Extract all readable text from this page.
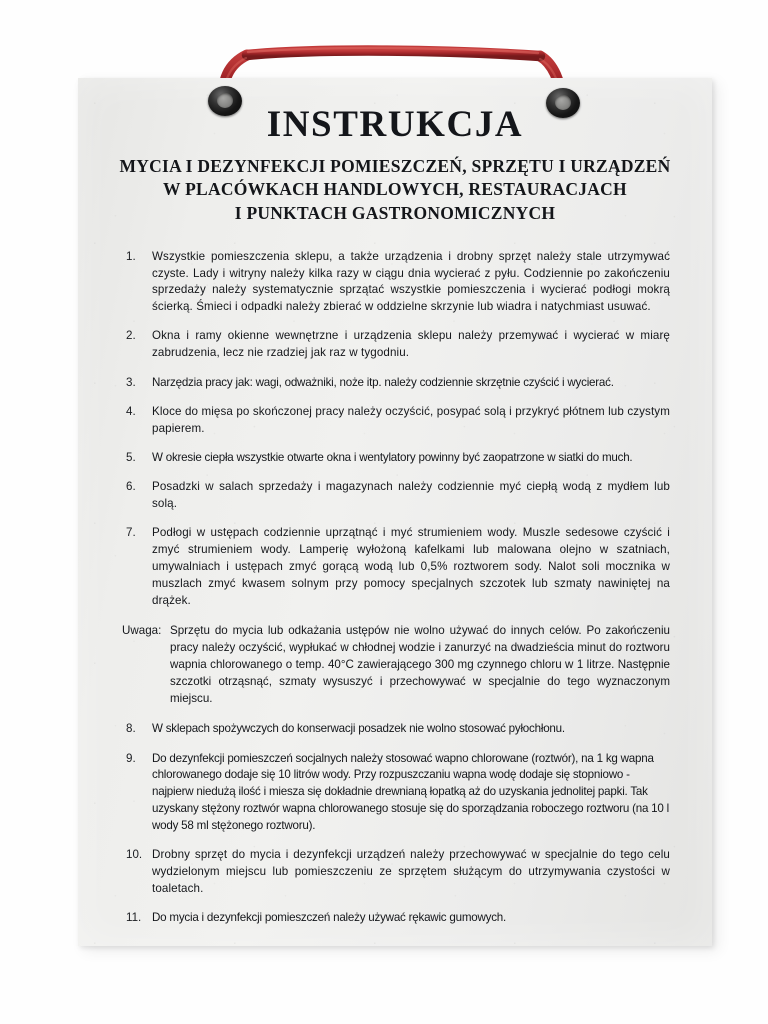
INSTRUKCJA
MYCIA I DEZYNFEKCJI POMIESZCZEŃ, SPRZĘTU I URZĄDZEŃ
W PLACÓWKACH HANDLOWYCH, RESTAURACJACH
I PUNKTACH GASTRONOMICZNYCH
1.	Wszystkie pomieszczenia sklepu, a także urządzenia i drobny sprzęt należy stale utrzymywać czyste. Lady i witryny należy kilka razy w ciągu dnia wycierać z pyłu. Codziennie po zakończeniu sprzedaży należy systematycznie sprzątać wszystkie pomieszczenia i wycierać podłogi mokrą ścierką. Śmieci i odpadki należy zbierać w oddzielne skrzynie lub wiadra i natychmiast usuwać.
2.	Okna i ramy okienne wewnętrzne i urządzenia sklepu należy przemywać i wycierać w miarę zabrudzenia, lecz nie rzadziej jak raz w tygodniu.
3.	Narzędzia pracy jak: wagi, odważniki, noże itp. należy codziennie skrzętnie czyścić i wycierać.
4.	Kloce do mięsa po skończonej pracy należy oczyścić, posypać solą i przykryć płótnem lub czystym papierem.
5.	W okresie ciepła wszystkie otwarte okna i wentylatory powinny być zaopatrzone w siatki do much.
6.	Posadzki w salach sprzedaży i magazynach należy codziennie myć ciepłą wodą z mydłem lub solą.
7.	Podłogi w ustępach codziennie uprzątnąć i myć strumieniem wody. Muszle sedesowe czyścić i zmyć strumieniem wody. Lamperię wyłożoną kafelkami lub malowana olejno w szatniach, umywalniach i ustępach zmyć gorącą wodą lub 0,5% roztworem sody. Nalot soli mocznika w muszlach zmyć kwasem solnym przy pomocy specjalnych szczotek lub szmaty nawiniętej na drążek.
Uwaga: Sprzętu do mycia lub odkażania ustępów nie wolno używać do innych celów. Po zakończeniu pracy należy oczyścić, wypłukać w chłodnej wodzie i zanurzyć na dwadzieścia minut do roztworu wapnia chlorowanego o temp. 40°C zawierającego 300 mg czynnego chloru w 1 litrze. Następnie szczotki otrząsnąć, szmaty wysuszyć i przechowywać w specjalnie do tego wyznaczonym miejscu.
8.	W sklepach spożywczych do konserwacji posadzek nie wolno stosować pyłochłonu.
9.	Do dezynfekcji pomieszczeń socjalnych należy stosować wapno chlorowane (roztwór), na 1 kg wapna chlorowanego dodaje się 10 litrów wody. Przy rozpuszczaniu wapna wodę dodaje się stopniowo - najpierw niedużą ilość i miesza się dokładnie drewnianą łopatką aż do uzyskania jednolitej papki. Tak uzyskany stężony roztwór wapna chlorowanego stosuje się do sporządzania roboczego roztworu (na 10 l wody 58 ml stężonego roztworu).
10. Drobny sprzęt do mycia i dezynfekcji urządzeń należy przechowywać w specjalnie do tego celu wydzielonym miejscu lub pomieszczeniu ze sprzętem służącym do utrzymywania czystości w toaletach.
11. Do mycia i dezynfekcji pomieszczeń należy używać rękawic gumowych.
